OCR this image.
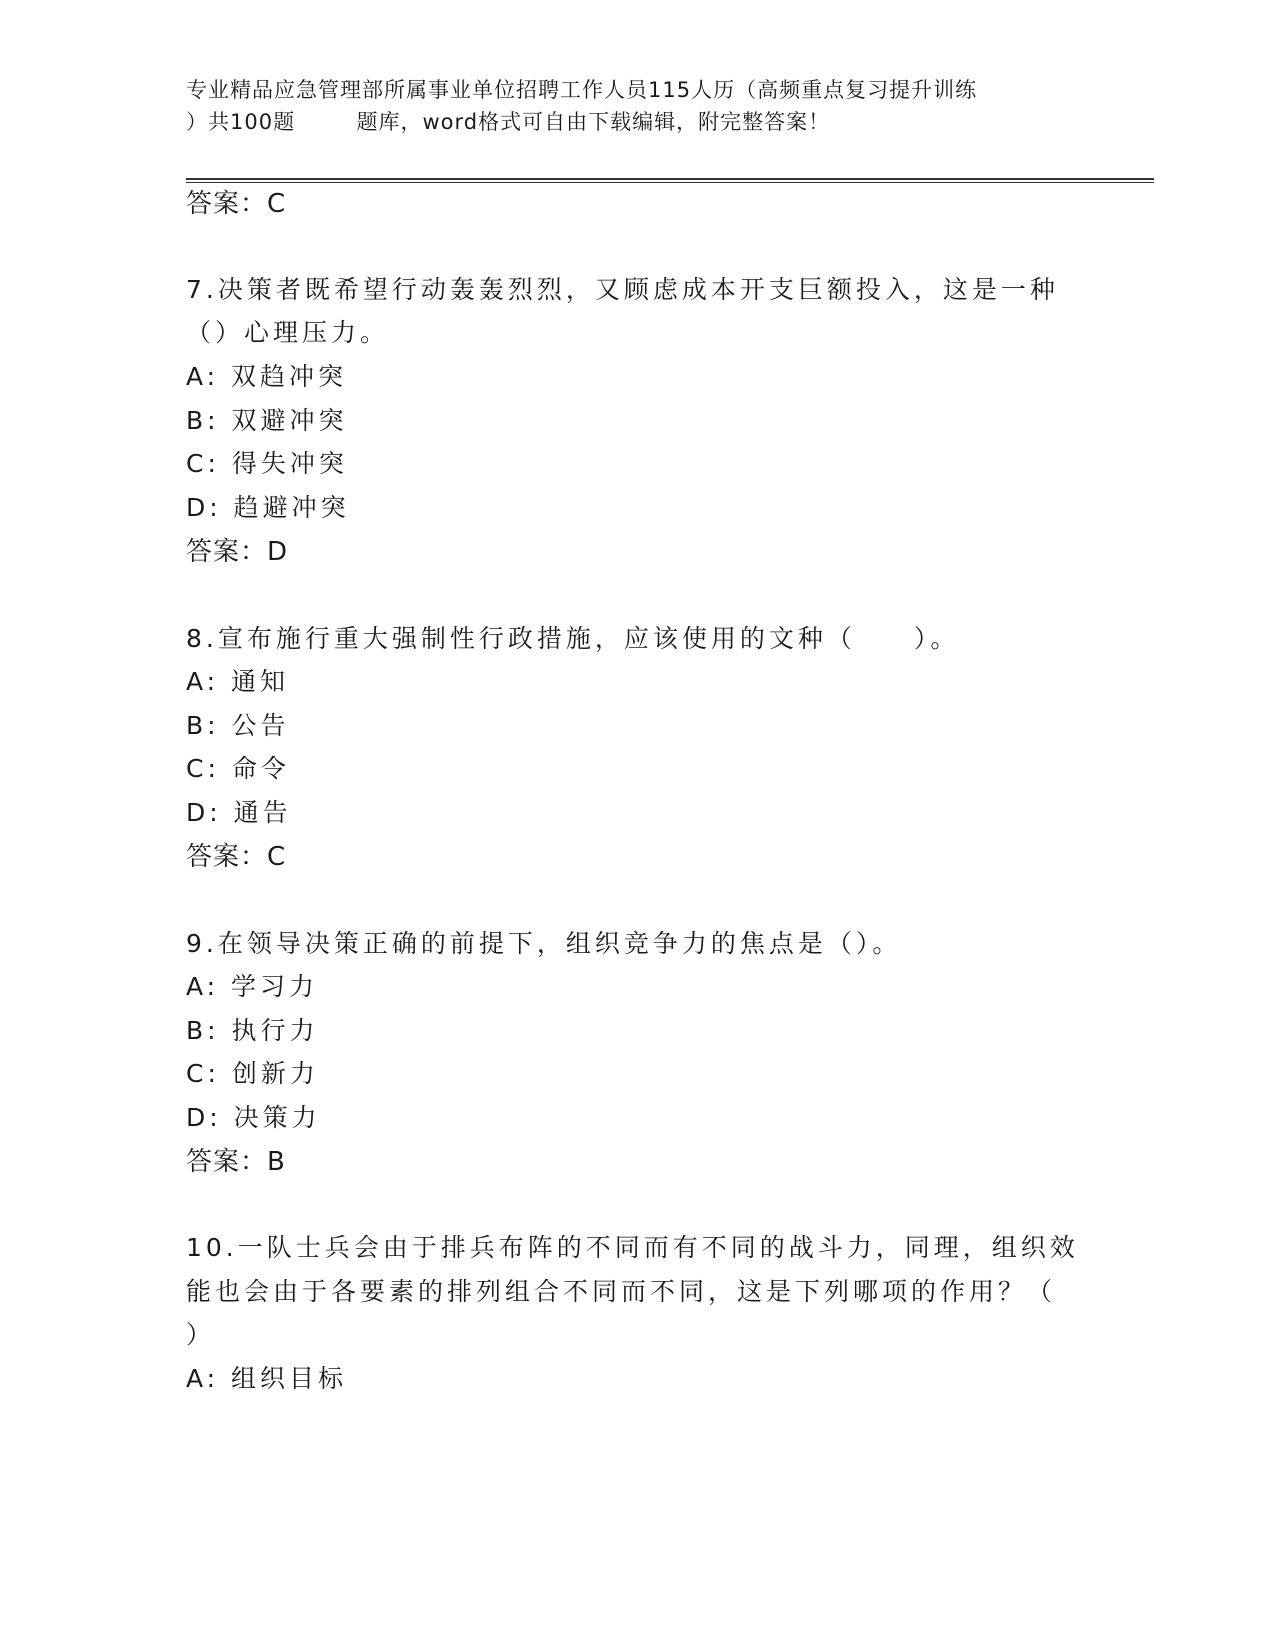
专业精品应急管理部所属事业单位招聘工作人员115人历（高频重点复习提升训练
）共100题        题库，word格式可自由下载编辑，附完整答案！
答案：C
7.决策者既希望行动轰轰烈烈，又顾虑成本开支巨额投入，这是一种
（）心理压力。
A: 双趋冲突
B: 双避冲突
C: 得失冲突
D: 趋避冲突
答案：D
8.宣布施行重大强制性行政措施，应该使用的文种（　　）。
A: 通知
B: 公告
C: 命令
D: 通告
答案：C
9.在领导决策正确的前提下，组织竞争力的焦点是（）。
A: 学习力
B: 执行力
C: 创新力
D: 决策力
答案：B
10.一队士兵会由于排兵布阵的不同而有不同的战斗力，同理，组织效
能也会由于各要素的排列组合不同而不同，这是下列哪项的作用？（
）
A: 组织目标
